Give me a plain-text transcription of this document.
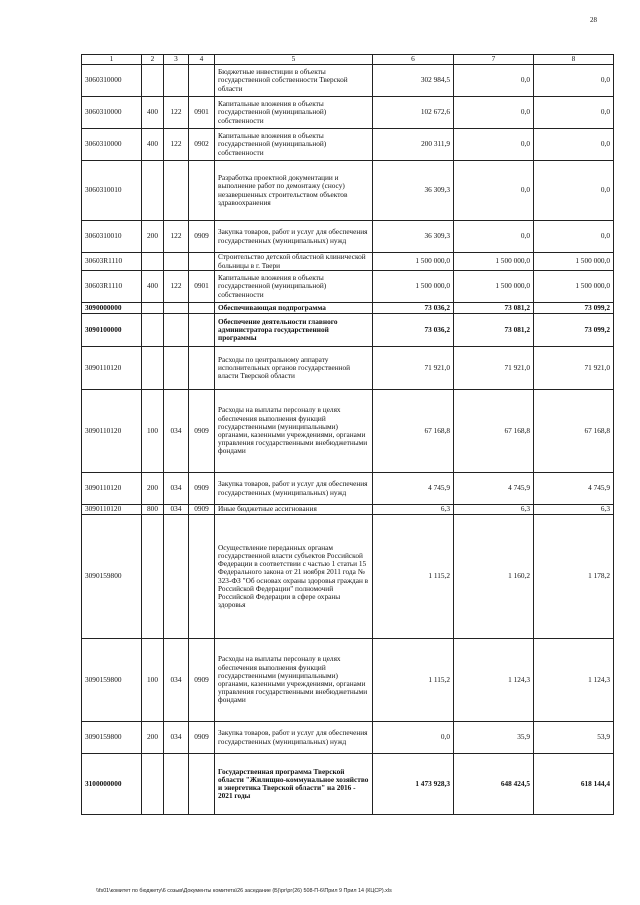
28
1	2	3	4	5	6	7	8
3060310000				Бюджетные инвестиции в объекты государственной собственности Тверской области	302 984,5	0,0	0,0
3060310000	400	122	0901	Капитальные вложения в объекты государственной (муниципальной) собственности	102 672,6	0,0	0,0
3060310000	400	122	0902	Капитальные вложения в объекты государственной (муниципальной) собственности	200 311,9	0,0	0,0
3060310010				Разработка проектной документации и выполнение работ по демонтажу (сносу) незавершенных строительством объектов здравоохранения	36 309,3	0,0	0,0
3060310010	200	122	0909	Закупка товаров, работ и услуг для обеспечения государственных (муниципальных) нужд	36 309,3	0,0	0,0
30603R1110				Строительство детской областной клинической больницы в г. Твери	1 500 000,0	1 500 000,0	1 500 000,0
30603R1110	400	122	0901	Капитальные вложения в объекты государственной (муниципальной) собственности	1 500 000,0	1 500 000,0	1 500 000,0
3090000000				Обеспечивающая подпрограмма	73 036,2	73 081,2	73 099,2
3090100000				Обеспечение деятельности главного администратора государственной программы	73 036,2	73 081,2	73 099,2
3090110120				Расходы по центральному аппарату исполнительных органов государственной власти Тверской области	71 921,0	71 921,0	71 921,0
3090110120	100	034	0909	Расходы на выплаты персоналу в целях обеспечения выполнения функций государственными (муниципальными) органами, казенными учреждениями, органами управления государственными внебюджетными фондами	67 168,8	67 168,8	67 168,8
3090110120	200	034	0909	Закупка товаров, работ и услуг для обеспечения государственных (муниципальных) нужд	4 745,9	4 745,9	4 745,9
3090110120	800	034	0909	Иные бюджетные ассигнования	6,3	6,3	6,3
3090159800				Осуществление переданных органам государственной власти субъектов Российской Федерации в соответствии с частью 1 статьи 15 Федерального закона от 21 ноября 2011 года № 323-ФЗ "Об основах охраны здоровья граждан в Российской Федерации" полномочий Российской Федерации в сфере охраны здоровья	1 115,2	1 160,2	1 178,2
3090159800	100	034	0909	Расходы на выплаты персоналу в целях обеспечения выполнения функций государственными (муниципальными) органами, казенными учреждениями, органами управления государственными внебюджетными фондами	1 115,2	1 124,3	1 124,3
3090159800	200	034	0909	Закупка товаров, работ и услуг для обеспечения государственных (муниципальных) нужд	0,0	35,9	53,9
3100000000				Государственная программа Тверской области "Жилищно-коммунальное хозяйство и энергетика Тверской области" на 2016 - 2021 годы	1 473 928,3	648 424,5	618 144,4
\\fs01\комитет по бюджету\6 созыв\Документы комитета\26 заседание (Б)\рг\рг(26) 508-П-6\Прил 9 Прил 14 (КЦСР).xls
